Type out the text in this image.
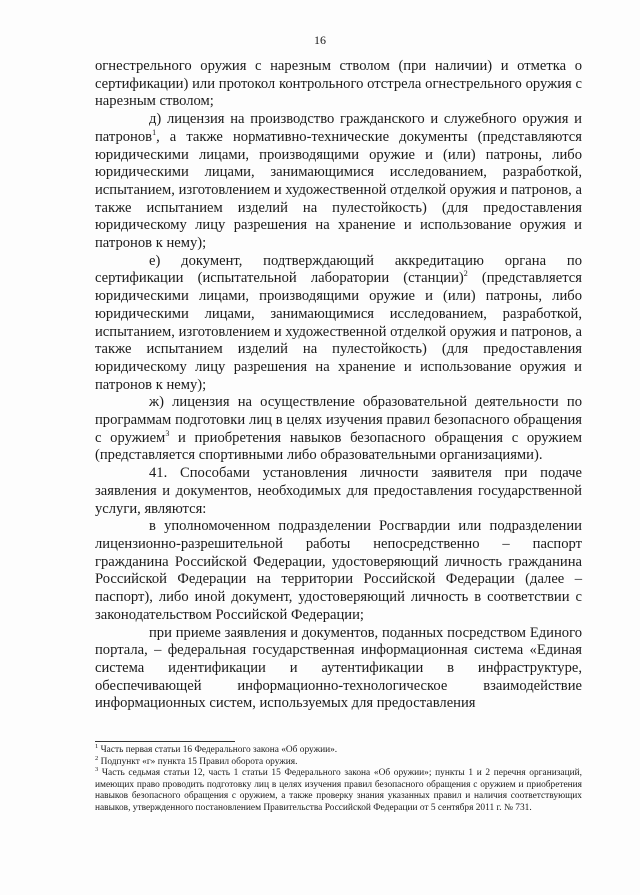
16

огнестрельного оружия с нарезным стволом (при наличии) и отметка о сертификации) или протокол контрольного отстрела огнестрельного оружия с нарезным стволом;

д) лицензия на производство гражданского и служебного оружия и патронов$^1$, а также нормативно-технические документы (представляются юридическими лицами, производящими оружие и (или) патроны, либо юридическими лицами, занимающимися исследованием, разработкой, испытанием, изготовлением и художественной отделкой оружия и патронов, а также испытанием изделий на пулестойкость) (для предоставления юридическому лицу разрешения на хранение и использование оружия и патронов к нему);

е) документ, подтверждающий аккредитацию органа по сертификации (испытательной лаборатории (станции)$^2$ (представляется юридическими лицами, производящими оружие и (или) патроны, либо юридическими лицами, занимающимися исследованием, разработкой, испытанием, изготовлением и художественной отделкой оружия и патронов, а также испытанием изделий на пулестойкость) (для предоставления юридическому лицу разрешения на хранение и использование оружия и патронов к нему);

ж) лицензия на осуществление образовательной деятельности по программам подготовки лиц в целях изучения правил безопасного обращения с оружием$^3$ и приобретения навыков безопасного обращения с оружием (представляется спортивными либо образовательными организациями).

41. Способами установления личности заявителя при подаче заявления и документов, необходимых для предоставления государственной услуги, являются:

в уполномоченном подразделении Росгвардии или подразделении лицензионно-разрешительной работы непосредственно – паспорт гражданина Российской Федерации, удостоверяющий личность гражданина Российской Федерации на территории Российской Федерации (далее – паспорт), либо иной документ, удостоверяющий личность в соответствии с законодательством Российской Федерации;

при приеме заявления и документов, поданных посредством Единого портала, – федеральная государственная информационная система «Единая система идентификации и аутентификации в инфраструктуре, обеспечивающей информационно-технологическое взаимодействие информационных систем, используемых для предоставления

$^1$ Часть первая статьи 16 Федерального закона «Об оружии».

$^2$ Подпункт «г» пункта 15 Правил оборота оружия.

$^3$ Часть седьмая статьи 12, часть 1 статьи 15 Федерального закона «Об оружии»; пункты 1 и 2 перечня организаций, имеющих право проводить подготовку лиц в целях изучения правил безопасного обращения с оружием и приобретения навыков безопасного обращения с оружием, а также проверку знания указанных правил и наличия соответствующих навыков, утвержденного постановлением Правительства Российской Федерации от 5 сентября 2011 г. № 731.
